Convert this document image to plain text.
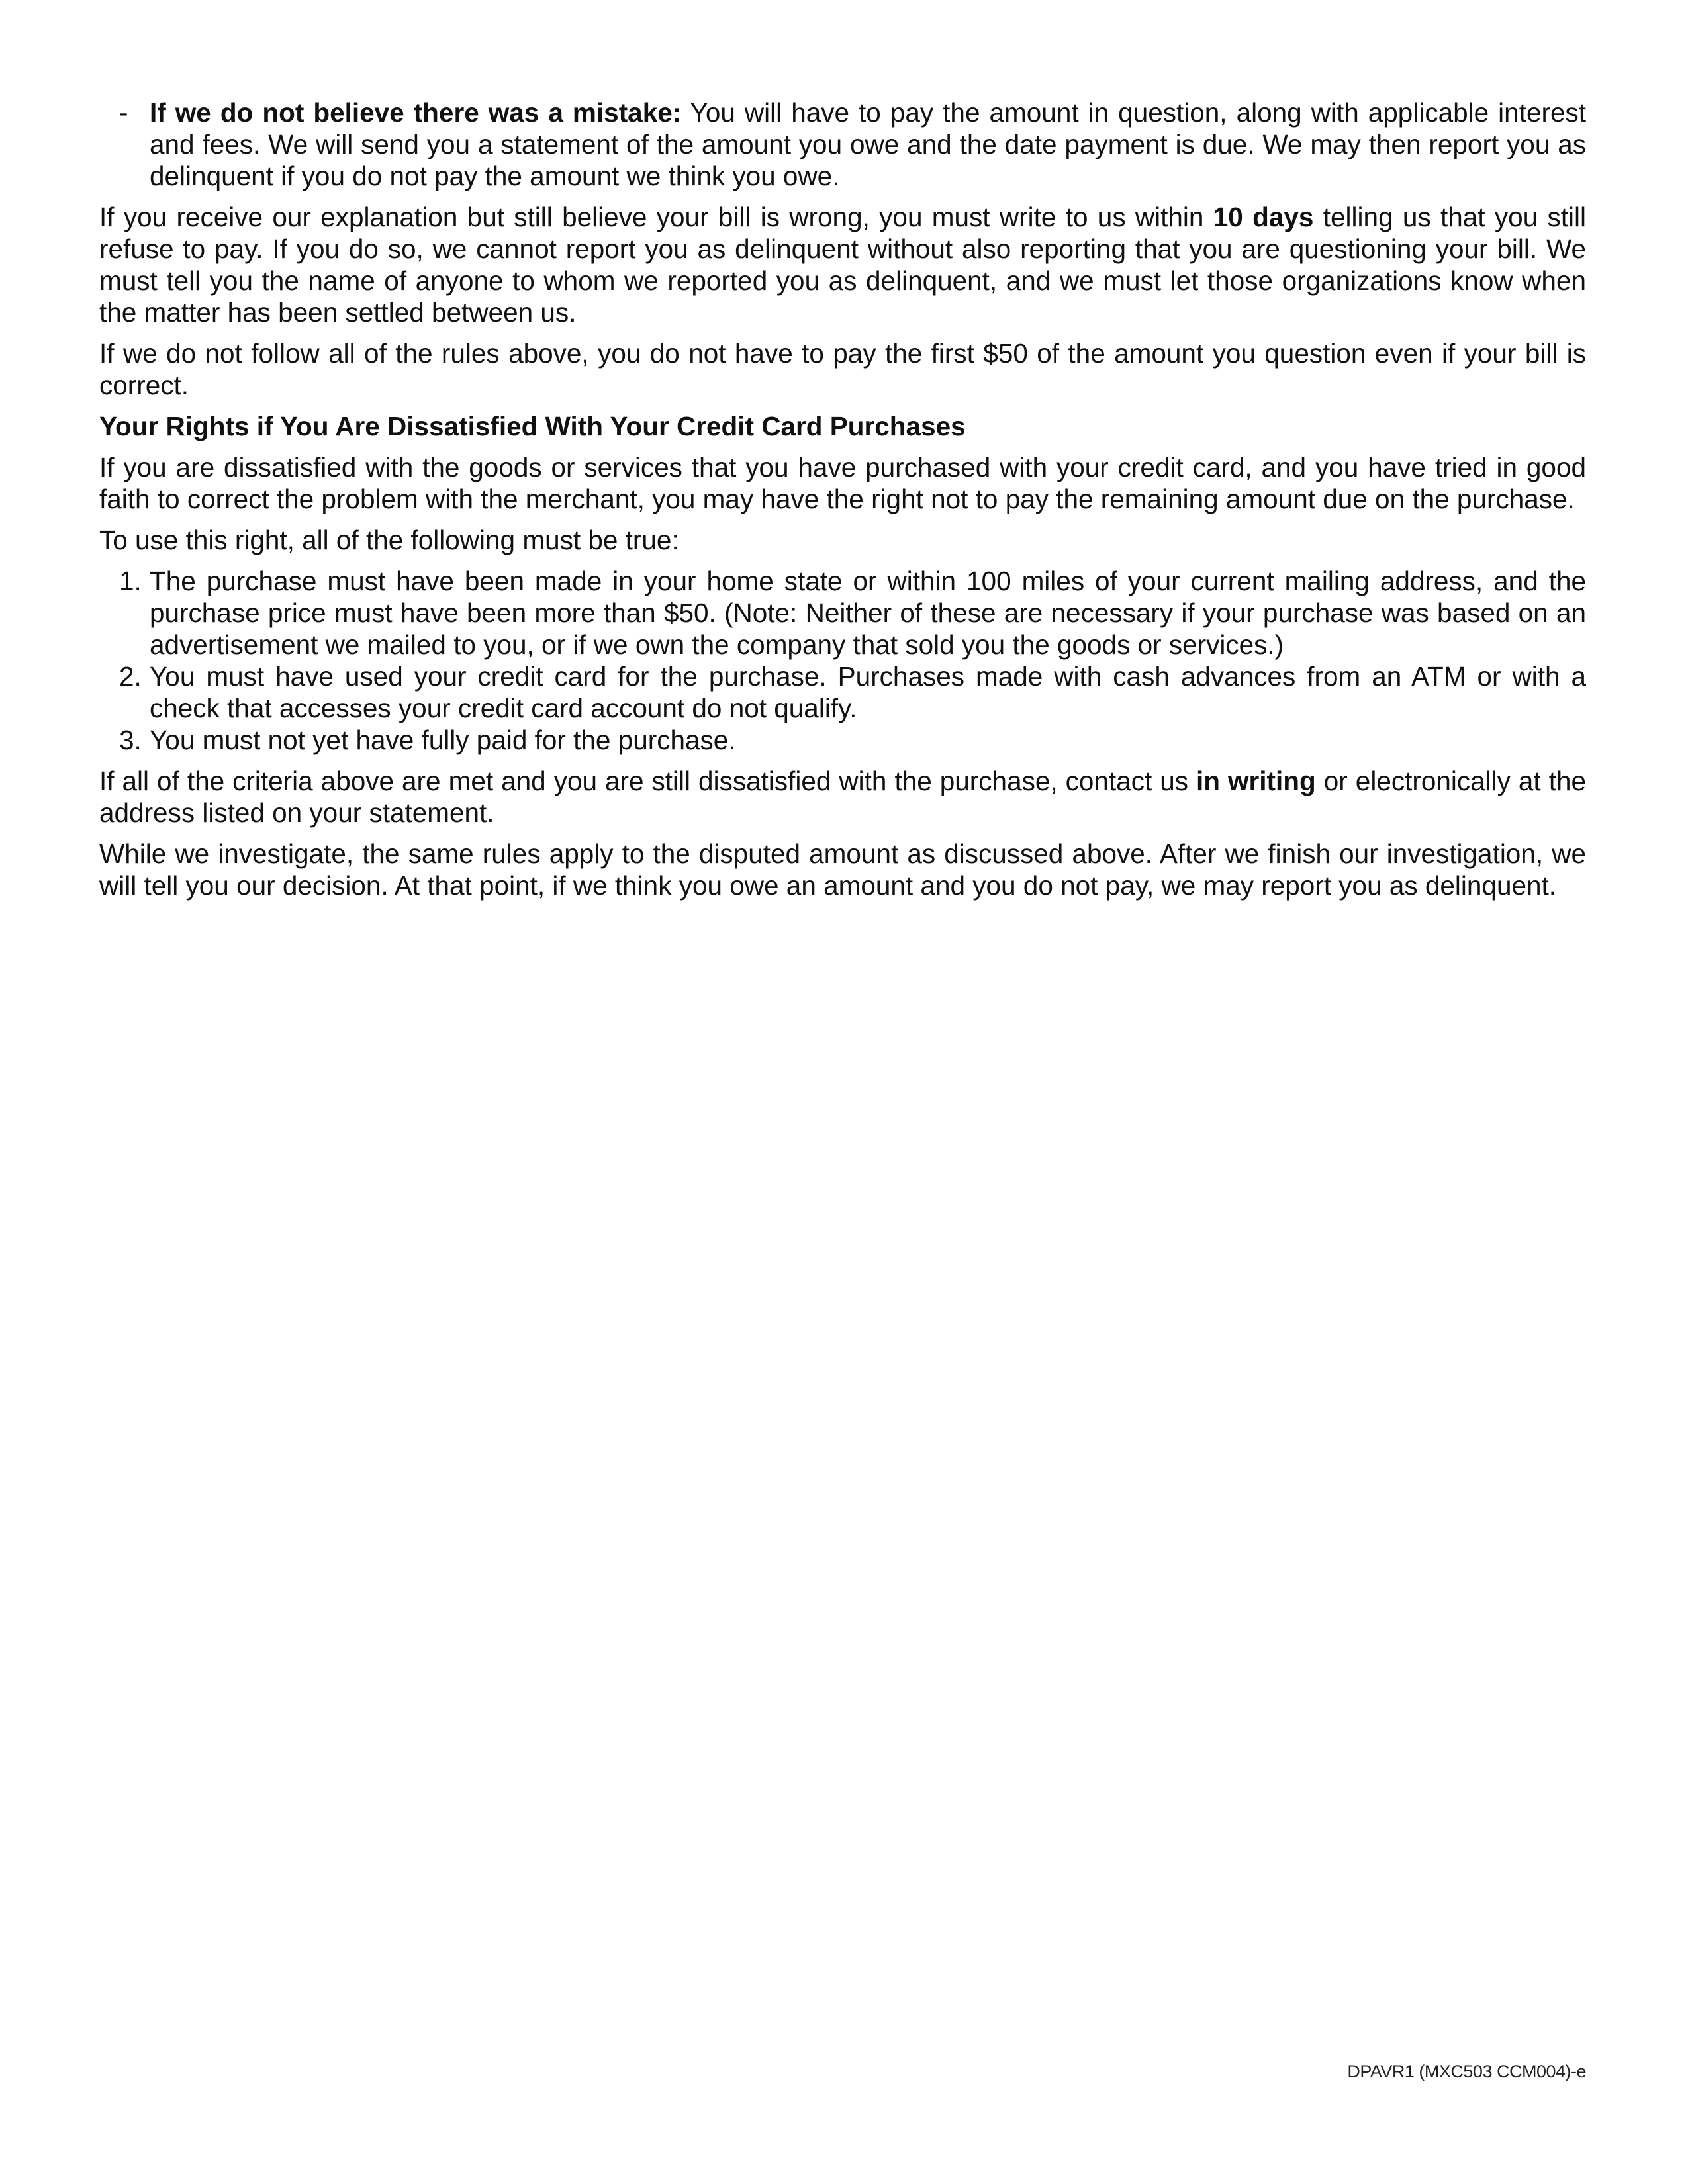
- If we do not believe there was a mistake: You will have to pay the amount in question, along with applicable interest and fees. We will send you a statement of the amount you owe and the date payment is due. We may then report you as delinquent if you do not pay the amount we think you owe.

If you receive our explanation but still believe your bill is wrong, you must write to us within 10 days telling us that you still refuse to pay. If you do so, we cannot report you as delinquent without also reporting that you are questioning your bill. We must tell you the name of anyone to whom we reported you as delinquent, and we must let those organizations know when the matter has been settled between us.

If we do not follow all of the rules above, you do not have to pay the first $50 of the amount you question even if your bill is correct.

Your Rights if You Are Dissatisfied With Your Credit Card Purchases

If you are dissatisfied with the goods or services that you have purchased with your credit card, and you have tried in good faith to correct the problem with the merchant, you may have the right not to pay the remaining amount due on the purchase.

To use this right, all of the following must be true:

1. The purchase must have been made in your home state or within 100 miles of your current mailing address, and the purchase price must have been more than $50. (Note: Neither of these are necessary if your purchase was based on an advertisement we mailed to you, or if we own the company that sold you the goods or services.)
2. You must have used your credit card for the purchase. Purchases made with cash advances from an ATM or with a check that accesses your credit card account do not qualify.
3. You must not yet have fully paid for the purchase.

If all of the criteria above are met and you are still dissatisfied with the purchase, contact us in writing or electronically at the address listed on your statement.

While we investigate, the same rules apply to the disputed amount as discussed above. After we finish our investigation, we will tell you our decision. At that point, if we think you owe an amount and you do not pay, we may report you as delinquent.

DPAVR1 (MXC503 CCM004)-e
